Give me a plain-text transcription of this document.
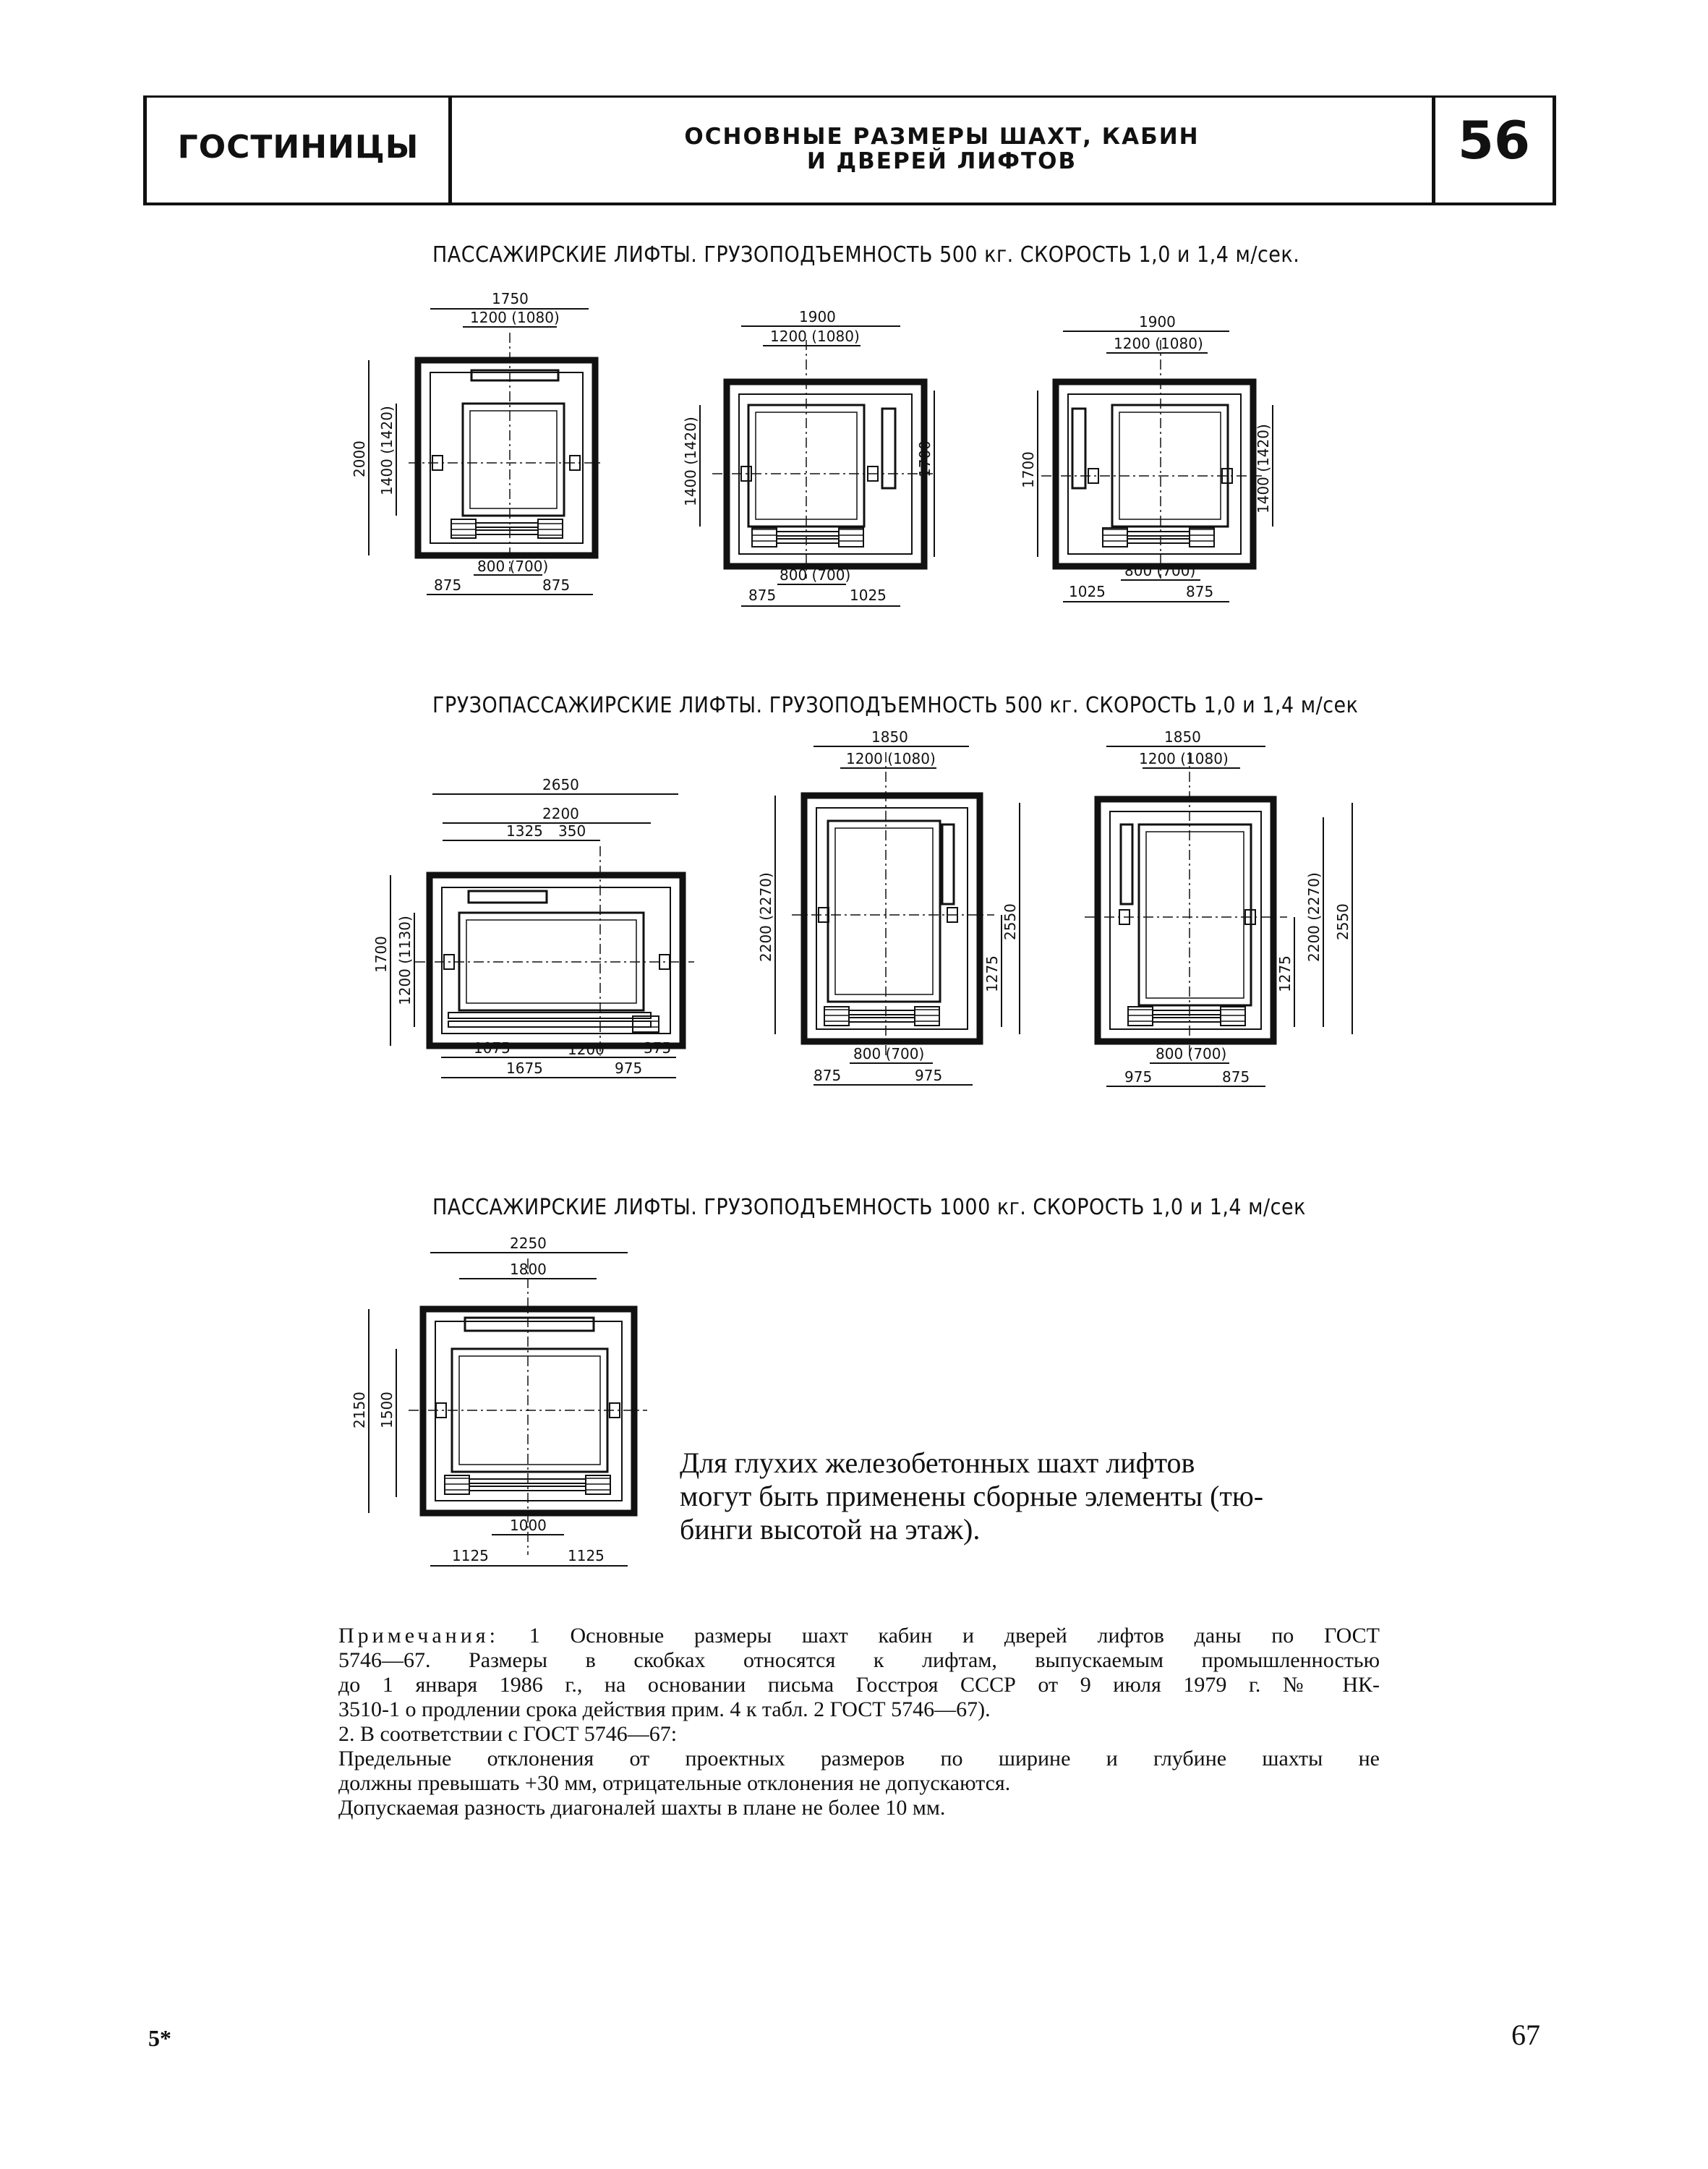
ГОСТИНИЦЫ	ОСНОВНЫЕ РАЗМЕРЫ ШАХТ, КАБИН
И ДВЕРЕЙ ЛИФТОВ	56
ПАССАЖИРСКИЕ ЛИФТЫ. ГРУЗОПОДЪЕМНОСТЬ 500 кг. СКОРОСТЬ 1,0 и 1,4 м/сек.
ГРУЗОПАССАЖИРСКИЕ ЛИФТЫ. ГРУЗОПОДЪЕМНОСТЬ 500 кг. СКОРОСТЬ 1,0 и 1,4 м/сек
ПАССАЖИРСКИЕ ЛИФТЫ. ГРУЗОПОДЪЕМНОСТЬ 1000 кг. СКОРОСТЬ 1,0 и 1,4 м/сек
1750
1200 (1080)
2000 1400 (1420)
800 (700)
875	875
1900
1200 (1080)
1400 (1420)	1700
800 (700)
875	1025
1900
1200 (1080)
1700	1400 (1420)
800 (700)
1025	875
2650
2200
1325 350
1700 1200 (1130)
1075	1200	375
1675	975
1850
1200 (1080)
2200 (2270)
1275
2550
800 (700)
875	975
1850
1200 (1080)
1275
2200 (2270) 2550
800 (700)
975	875
2250
1800
2150 1500
1000
1125	1125
Для глухих железобетонных шахт лифтов
могут быть применены сборные элементы (тю-
бинги высотой на этаж).
Примечания: 1 Основные размеры шахт кабин и дверей лифтов даны по ГОСТ
5746—67. Размеры в скобках относятся к лифтам, выпускаемым промышленностью
до 1 января 1986 г., на основании письма Госстроя СССР от 9 июля 1979 г. № НК-
3510-1 о продлении срока действия прим. 4 к табл. 2 ГОСТ 5746—67).
2. В соответствии с ГОСТ 5746—67:
Предельные отклонения от проектных размеров по ширине и глубине шахты не
должны превышать +30 мм, отрицательные отклонения не допускаются.
Допускаемая разность диагоналей шахты в плане не более 10 мм.
5*	67
